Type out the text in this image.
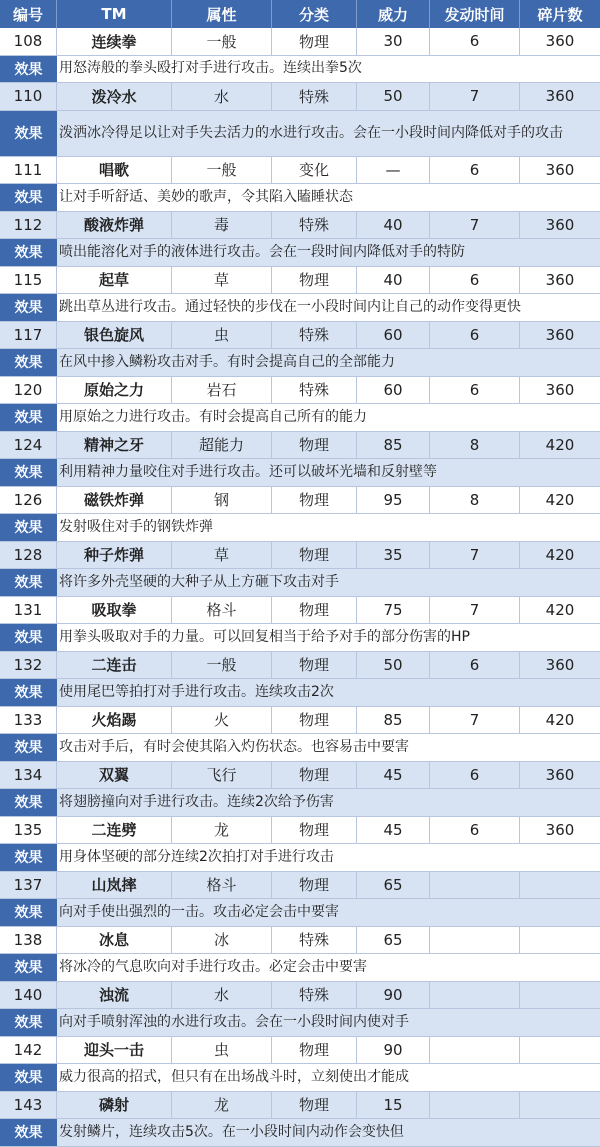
编号	TM	属性	分类	威力	发动时间	碎片数
108	连续拳	一般	物理	30	6	360
效果	用怒涛般的拳头殴打对手进行攻击。连续出拳5次
110	泼冷水	水	特殊	50	7	360
效果	泼洒冰冷得足以让对手失去活力的水进行攻击。会在一小段时间内降低对手的攻击
111	唱歌	一般	变化	—	6	360
效果	让对手听舒适、美妙的歌声，令其陷入瞌睡状态
112	酸液炸弹	毒	特殊	40	7	360
效果	喷出能溶化对手的液体进行攻击。会在一段时间内降低对手的特防
115	起草	草	物理	40	6	360
效果	跳出草丛进行攻击。通过轻快的步伐在一小段时间内让自己的动作变得更快
117	银色旋风	虫	特殊	60	6	360
效果	在风中掺入鳞粉攻击对手。有时会提高自己的全部能力
120	原始之力	岩石	特殊	60	6	360
效果	用原始之力进行攻击。有时会提高自己所有的能力
124	精神之牙	超能力	物理	85	8	420
效果	利用精神力量咬住对手进行攻击。还可以破坏光墙和反射壁等
126	磁铁炸弹	钢	物理	95	8	420
效果	发射吸住对手的钢铁炸弹
128	种子炸弹	草	物理	35	7	420
效果	将许多外壳坚硬的大种子从上方砸下攻击对手
131	吸取拳	格斗	物理	75	7	420
效果	用拳头吸取对手的力量。可以回复相当于给予对手的部分伤害的HP
132	二连击	一般	物理	50	6	360
效果	使用尾巴等拍打对手进行攻击。连续攻击2次
133	火焰踢	火	物理	85	7	420
效果	攻击对手后，有时会使其陷入灼伤状态。也容易击中要害
134	双翼	飞行	物理	45	6	360
效果	将翅膀撞向对手进行攻击。连续2次给予伤害
135	二连劈	龙	物理	45	6	360
效果	用身体坚硬的部分连续2次拍打对手进行攻击
137	山岚摔	格斗	物理	65
效果	向对手使出强烈的一击。攻击必定会击中要害
138	冰息	冰	特殊	65
效果	将冰冷的气息吹向对手进行攻击。必定会击中要害
140	浊流	水	特殊	90
效果	向对手喷射浑浊的水进行攻击。会在一小段时间内使对手
142	迎头一击	虫	物理	90
效果	威力很高的招式，但只有在出场战斗时，立刻使出才能成
143	磷射	龙	物理	15
效果	发射鳞片，连续攻击5次。在一小段时间内动作会变快但
